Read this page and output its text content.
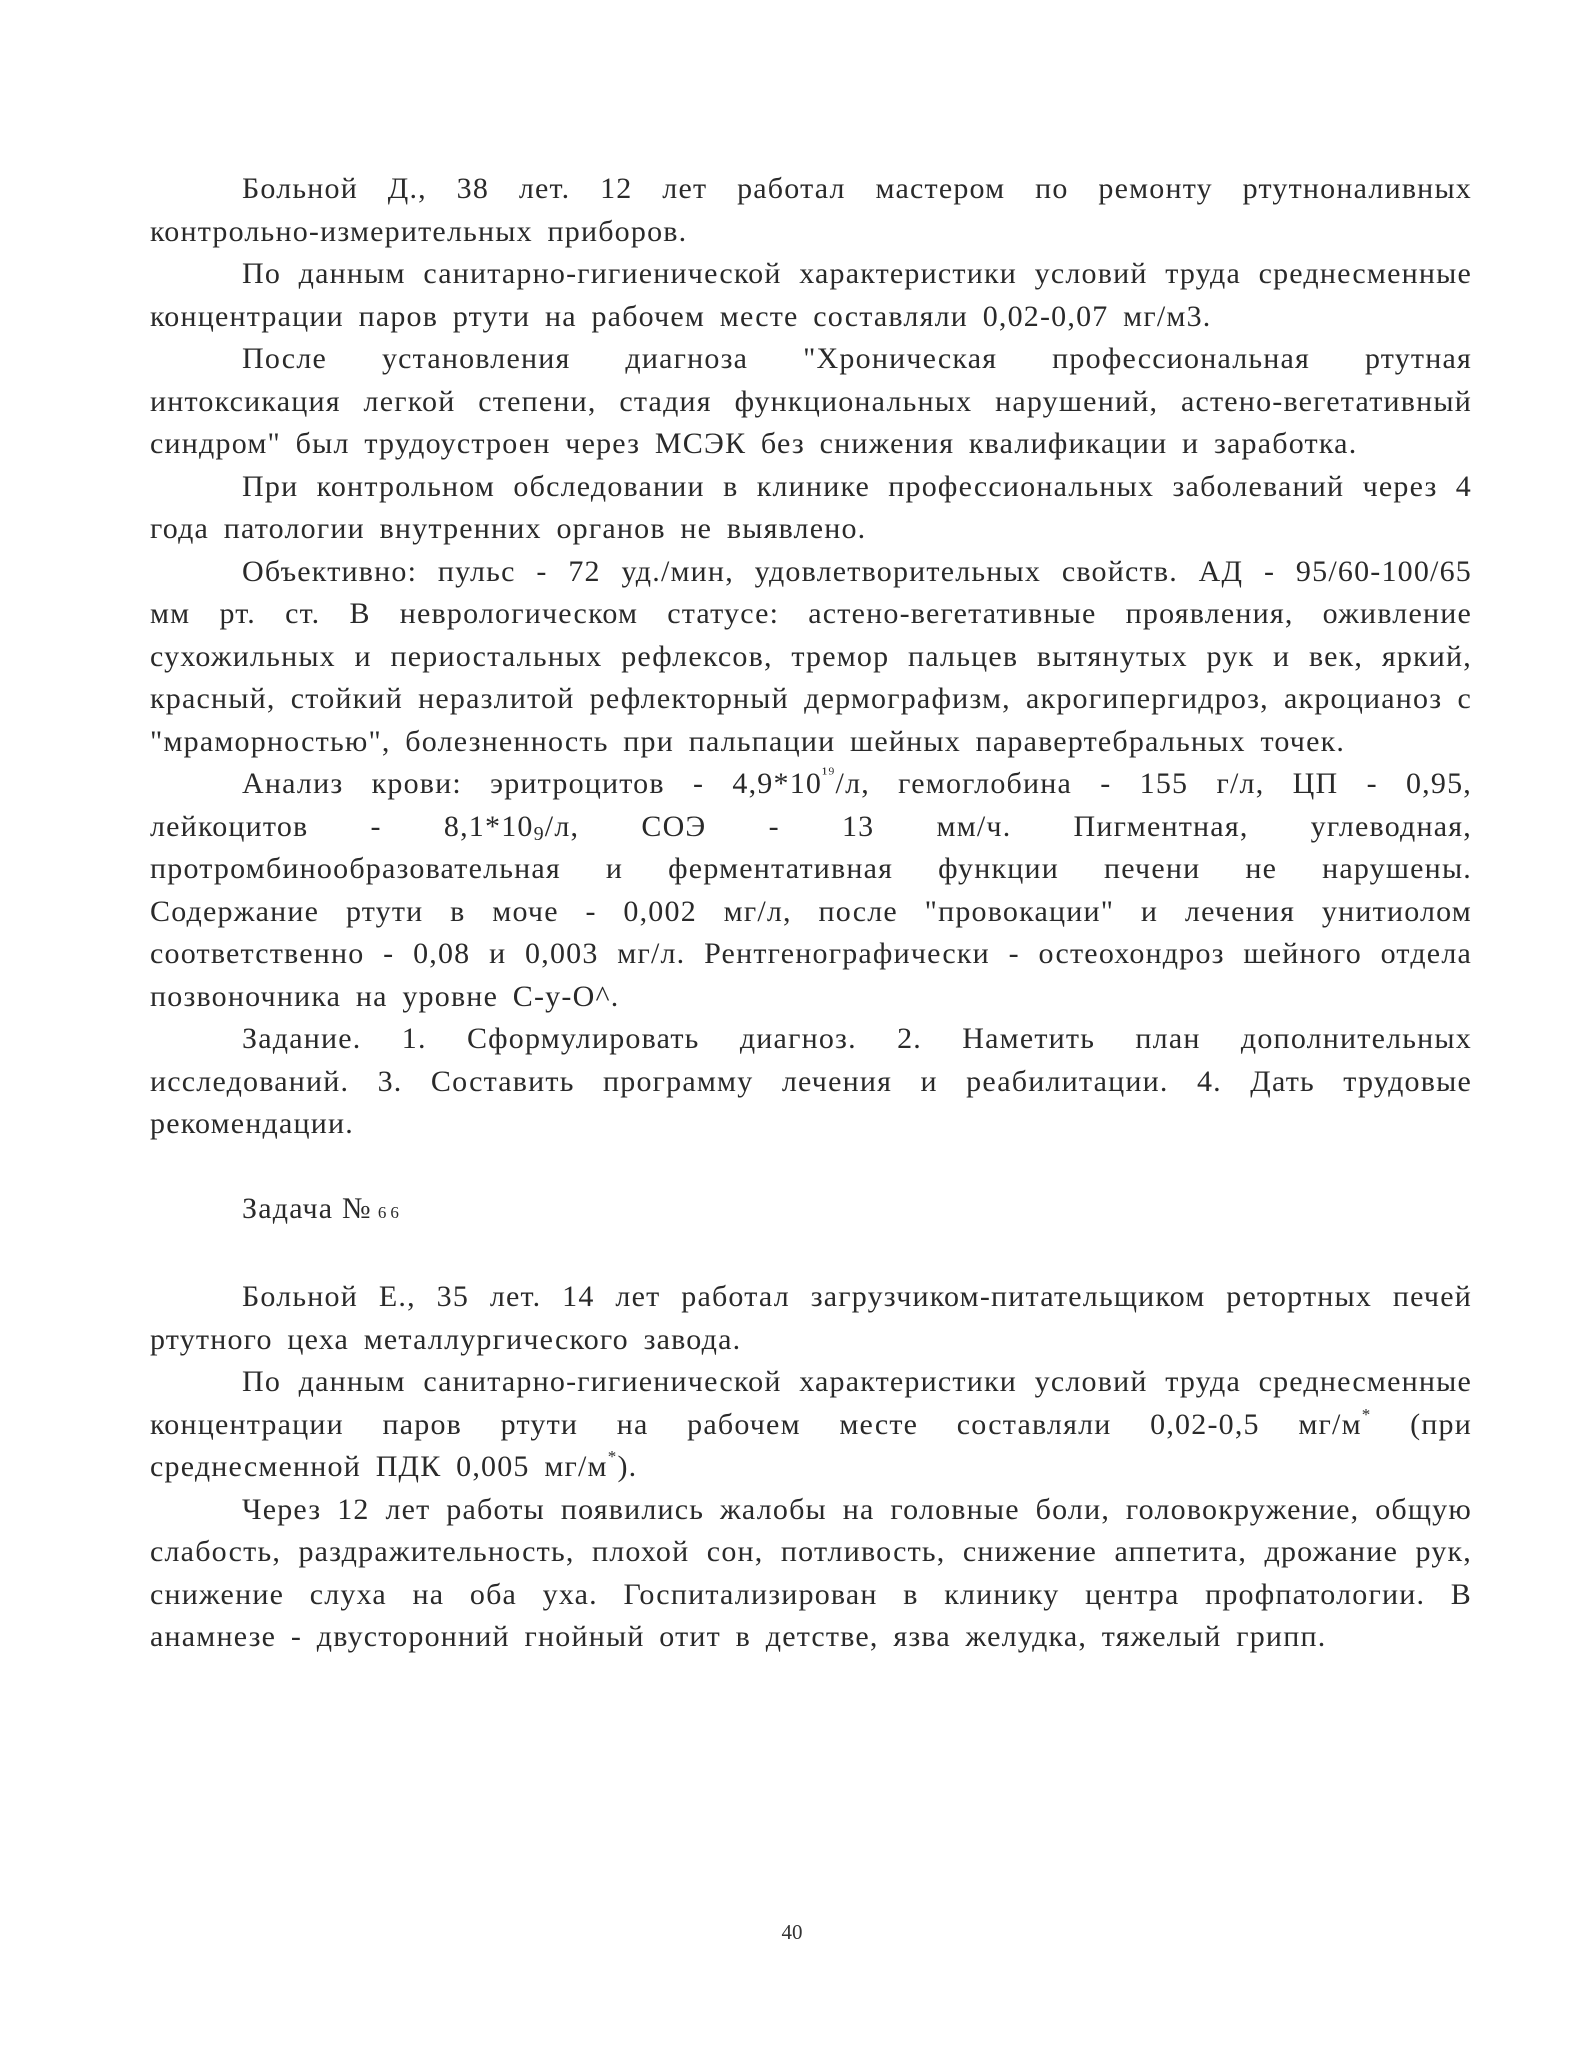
Больной Д., 38 лет. 12 лет работал мастером по ремонту ртутноналивных контрольно-измерительных приборов.

По данным санитарно-гигиенической характеристики условий труда среднесменные концентрации паров ртути на рабочем месте составляли 0,02-0,07 мг/м3.

После установления диагноза "Хроническая профессиональная ртутная интоксикация легкой степени, стадия функциональных нарушений, астено-вегетативный синдром" был трудоустроен через МСЭК без снижения квалификации и заработка.

При контрольном обследовании в клинике профессиональных заболеваний через 4 года патологии внутренних органов не выявлено.

Объективно: пульс - 72 уд./мин, удовлетворительных свойств. АД - 95/60-100/65 мм рт. ст. В неврологическом статусе: астено-вегетативные проявления, оживление сухожильных и периостальных рефлексов, тремор пальцев вытянутых рук и век, яркий, красный, стойкий неразлитой рефлекторный дермографизм, акрогипергидроз, акроцианоз с "мраморностью", болезненность при пальпации шейных паравертебральных точек.

Анализ крови: эритроцитов - $4,9*10^{^{19}}/л$, гемоглобина - 155 г/л, ЦП - 0,95, лейкоцитов - $8,1*10_9/л$, СОЭ - 13 мм/ч. Пигментная, углеводная, протромбинообразовательная и ферментативная функции печени не нарушены. Содержание ртути в моче - 0,002 мг/л, после "провокации" и лечения унитиолом соответственно - 0,08 и 0,003 мг/л. Рентгенографически - остеохондроз шейного отдела позвоночника на уровне С-у-О^.

Задание. 1. Сформулировать диагноз. 2. Наметить план дополнительных исследований. 3. Составить программу лечения и реабилитации. 4. Дать трудовые рекомендации.

Задача № 66

Больной Е., 35 лет. 14 лет работал загрузчиком-питательщиком ретортных печей ртутного цеха металлургического завода.

По данным санитарно-гигиенической характеристики условий труда среднесменные концентрации паров ртути на рабочем месте составляли 0,02-0,5 мг/м* (при среднесменной ПДК 0,005 мг/м*).

Через 12 лет работы появились жалобы на головные боли, головокружение, общую слабость, раздражительность, плохой сон, потливость, снижение аппетита, дрожание рук, снижение слуха на оба уха. Госпитализирован в клинику центра профпатологии. В анамнезе - двусторонний гнойный отит в детстве, язва желудка, тяжелый грипп.

40
